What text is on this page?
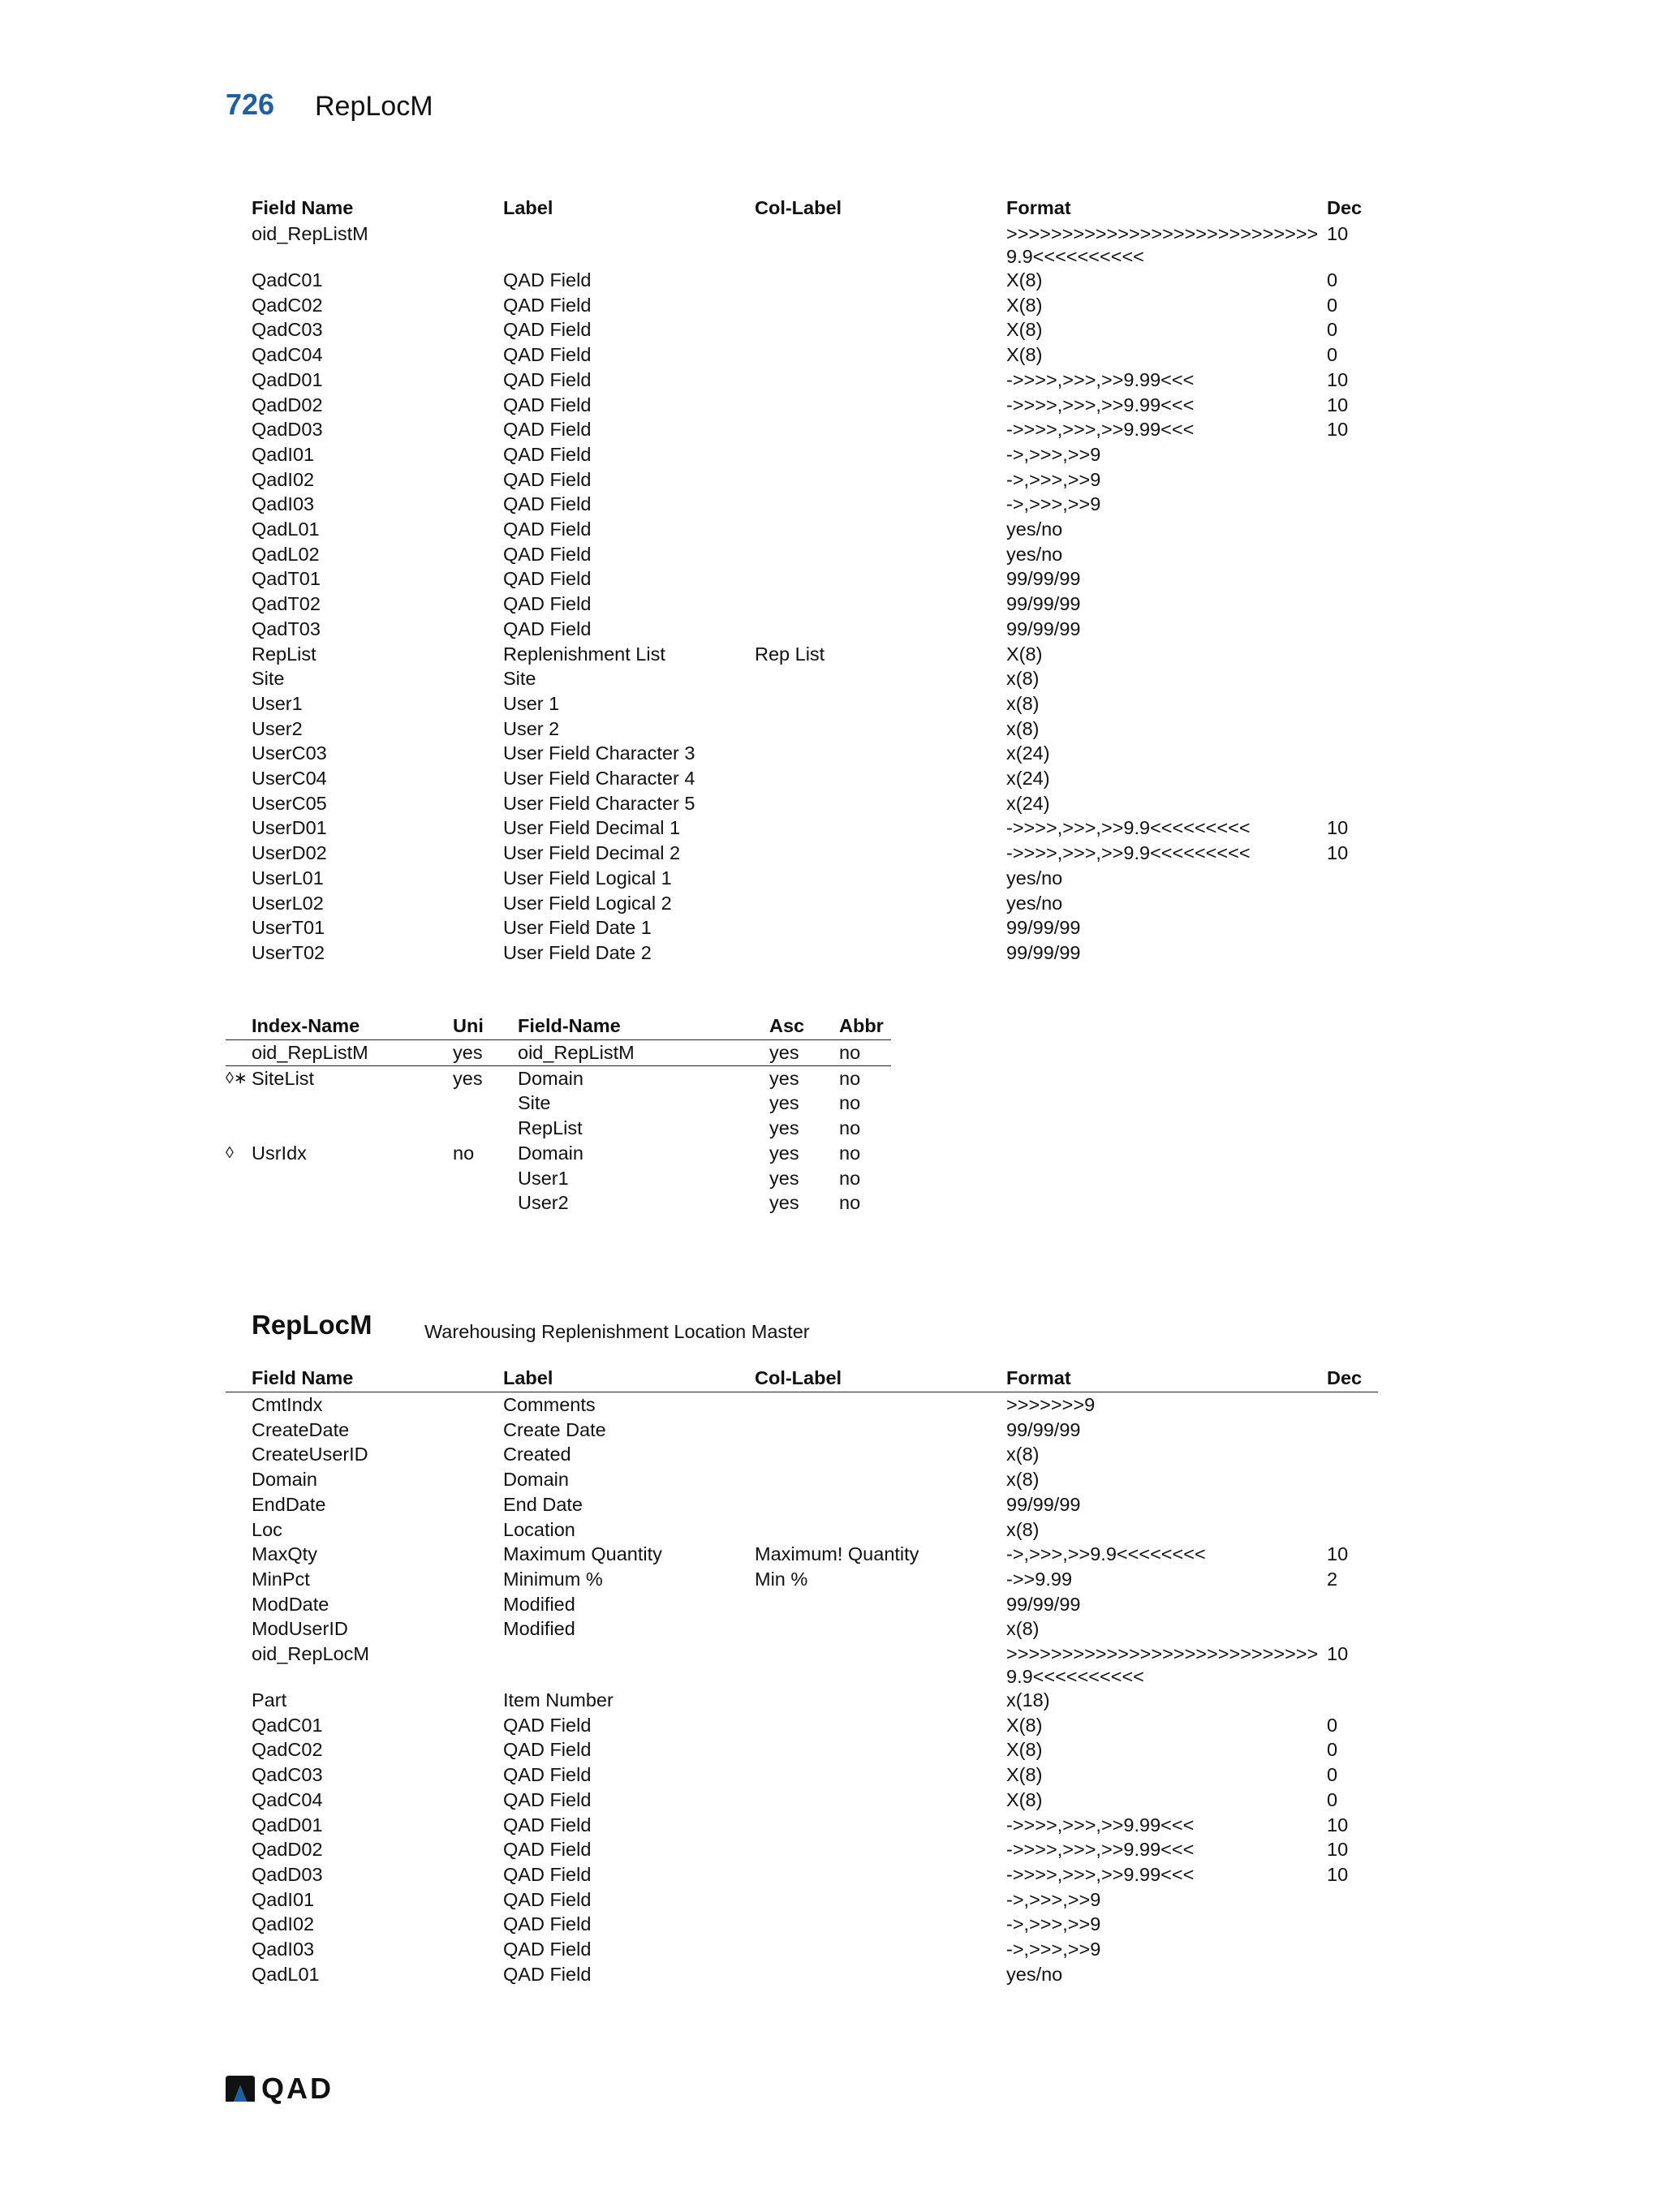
726 RepLocM
Field Name	Label	Col-Label	Format	Dec
oid_RepListM			>>>>>>>>>>>>>>>>>>>>>>>>>>>>9.9<<<<<<<<<<	10
QadC01	QAD Field		X(8)	0
QadC02	QAD Field		X(8)	0
QadC03	QAD Field		X(8)	0
QadC04	QAD Field		X(8)	0
QadD01	QAD Field		->>>>,>>>,>>9.99<<<	10
QadD02	QAD Field		->>>>,>>>,>>9.99<<<	10
QadD03	QAD Field		->>>>,>>>,>>9.99<<<	10
QadI01	QAD Field		->,>>>,>>9	
QadI02	QAD Field		->,>>>,>>9	
QadI03	QAD Field		->,>>>,>>9	
QadL01	QAD Field		yes/no	
QadL02	QAD Field		yes/no	
QadT01	QAD Field		99/99/99	
QadT02	QAD Field		99/99/99	
QadT03	QAD Field		99/99/99	
RepList	Replenishment List	Rep List	X(8)	
Site	Site		x(8)	
User1	User 1		x(8)	
User2	User 2		x(8)	
UserC03	User Field Character 3		x(24)	
UserC04	User Field Character 4		x(24)	
UserC05	User Field Character 5		x(24)	
UserD01	User Field Decimal 1		->>>>,>>>,>>9.9<<<<<<<<<	10
UserD02	User Field Decimal 2		->>>>,>>>,>>9.9<<<<<<<<<	10
UserL01	User Field Logical 1		yes/no	
UserL02	User Field Logical 2		yes/no	
UserT01	User Field Date 1		99/99/99	
UserT02	User Field Date 2		99/99/99	
Index-Name	Uni	Field-Name	Asc	Abbr

oid_RepListM	yes	oid_RepListM	yes	no

◊∗ SiteList	yes	Domain	yes	no

		Site	yes	no

		RepList	yes	no

◊ UsrIdx	no	Domain	yes	no

		User1	yes	no

		User2	yes	no
RepLocM	Warehousing Replenishment Location Master
Field Name	Label	Col-Label	Format	Dec
CmtIndx	Comments		>>>>>>>9	
CreateDate	Create Date		99/99/99	
CreateUserID	Created		x(8)	
Domain	Domain		x(8)	
EndDate	End Date		99/99/99	
Loc	Location		x(8)	
MaxQty	Maximum Quantity	Maximum! Quantity	->,>>>,>>9.9<<<<<<<<	10
MinPct	Minimum %	Min %	->>9.99	2
ModDate	Modified		99/99/99	
ModUserID	Modified		x(8)	
oid_RepLocM			>>>>>>>>>>>>>>>>>>>>>>>>>>>>9.9<<<<<<<<<<	10
Part	Item Number		x(18)	
QadC01	QAD Field		X(8)	0
QadC02	QAD Field		X(8)	0
QadC03	QAD Field		X(8)	0
QadC04	QAD Field		X(8)	0
QadD01	QAD Field		->>>>,>>>,>>9.99<<<	10
QadD02	QAD Field		->>>>,>>>,>>9.99<<<	10
QadD03	QAD Field		->>>>,>>>,>>9.99<<<	10
QadI01	QAD Field		->,>>>,>>9	
QadI02	QAD Field		->,>>>,>>9	
QadI03	QAD Field		->,>>>,>>9	
QadL01	QAD Field		yes/no	
QAD
